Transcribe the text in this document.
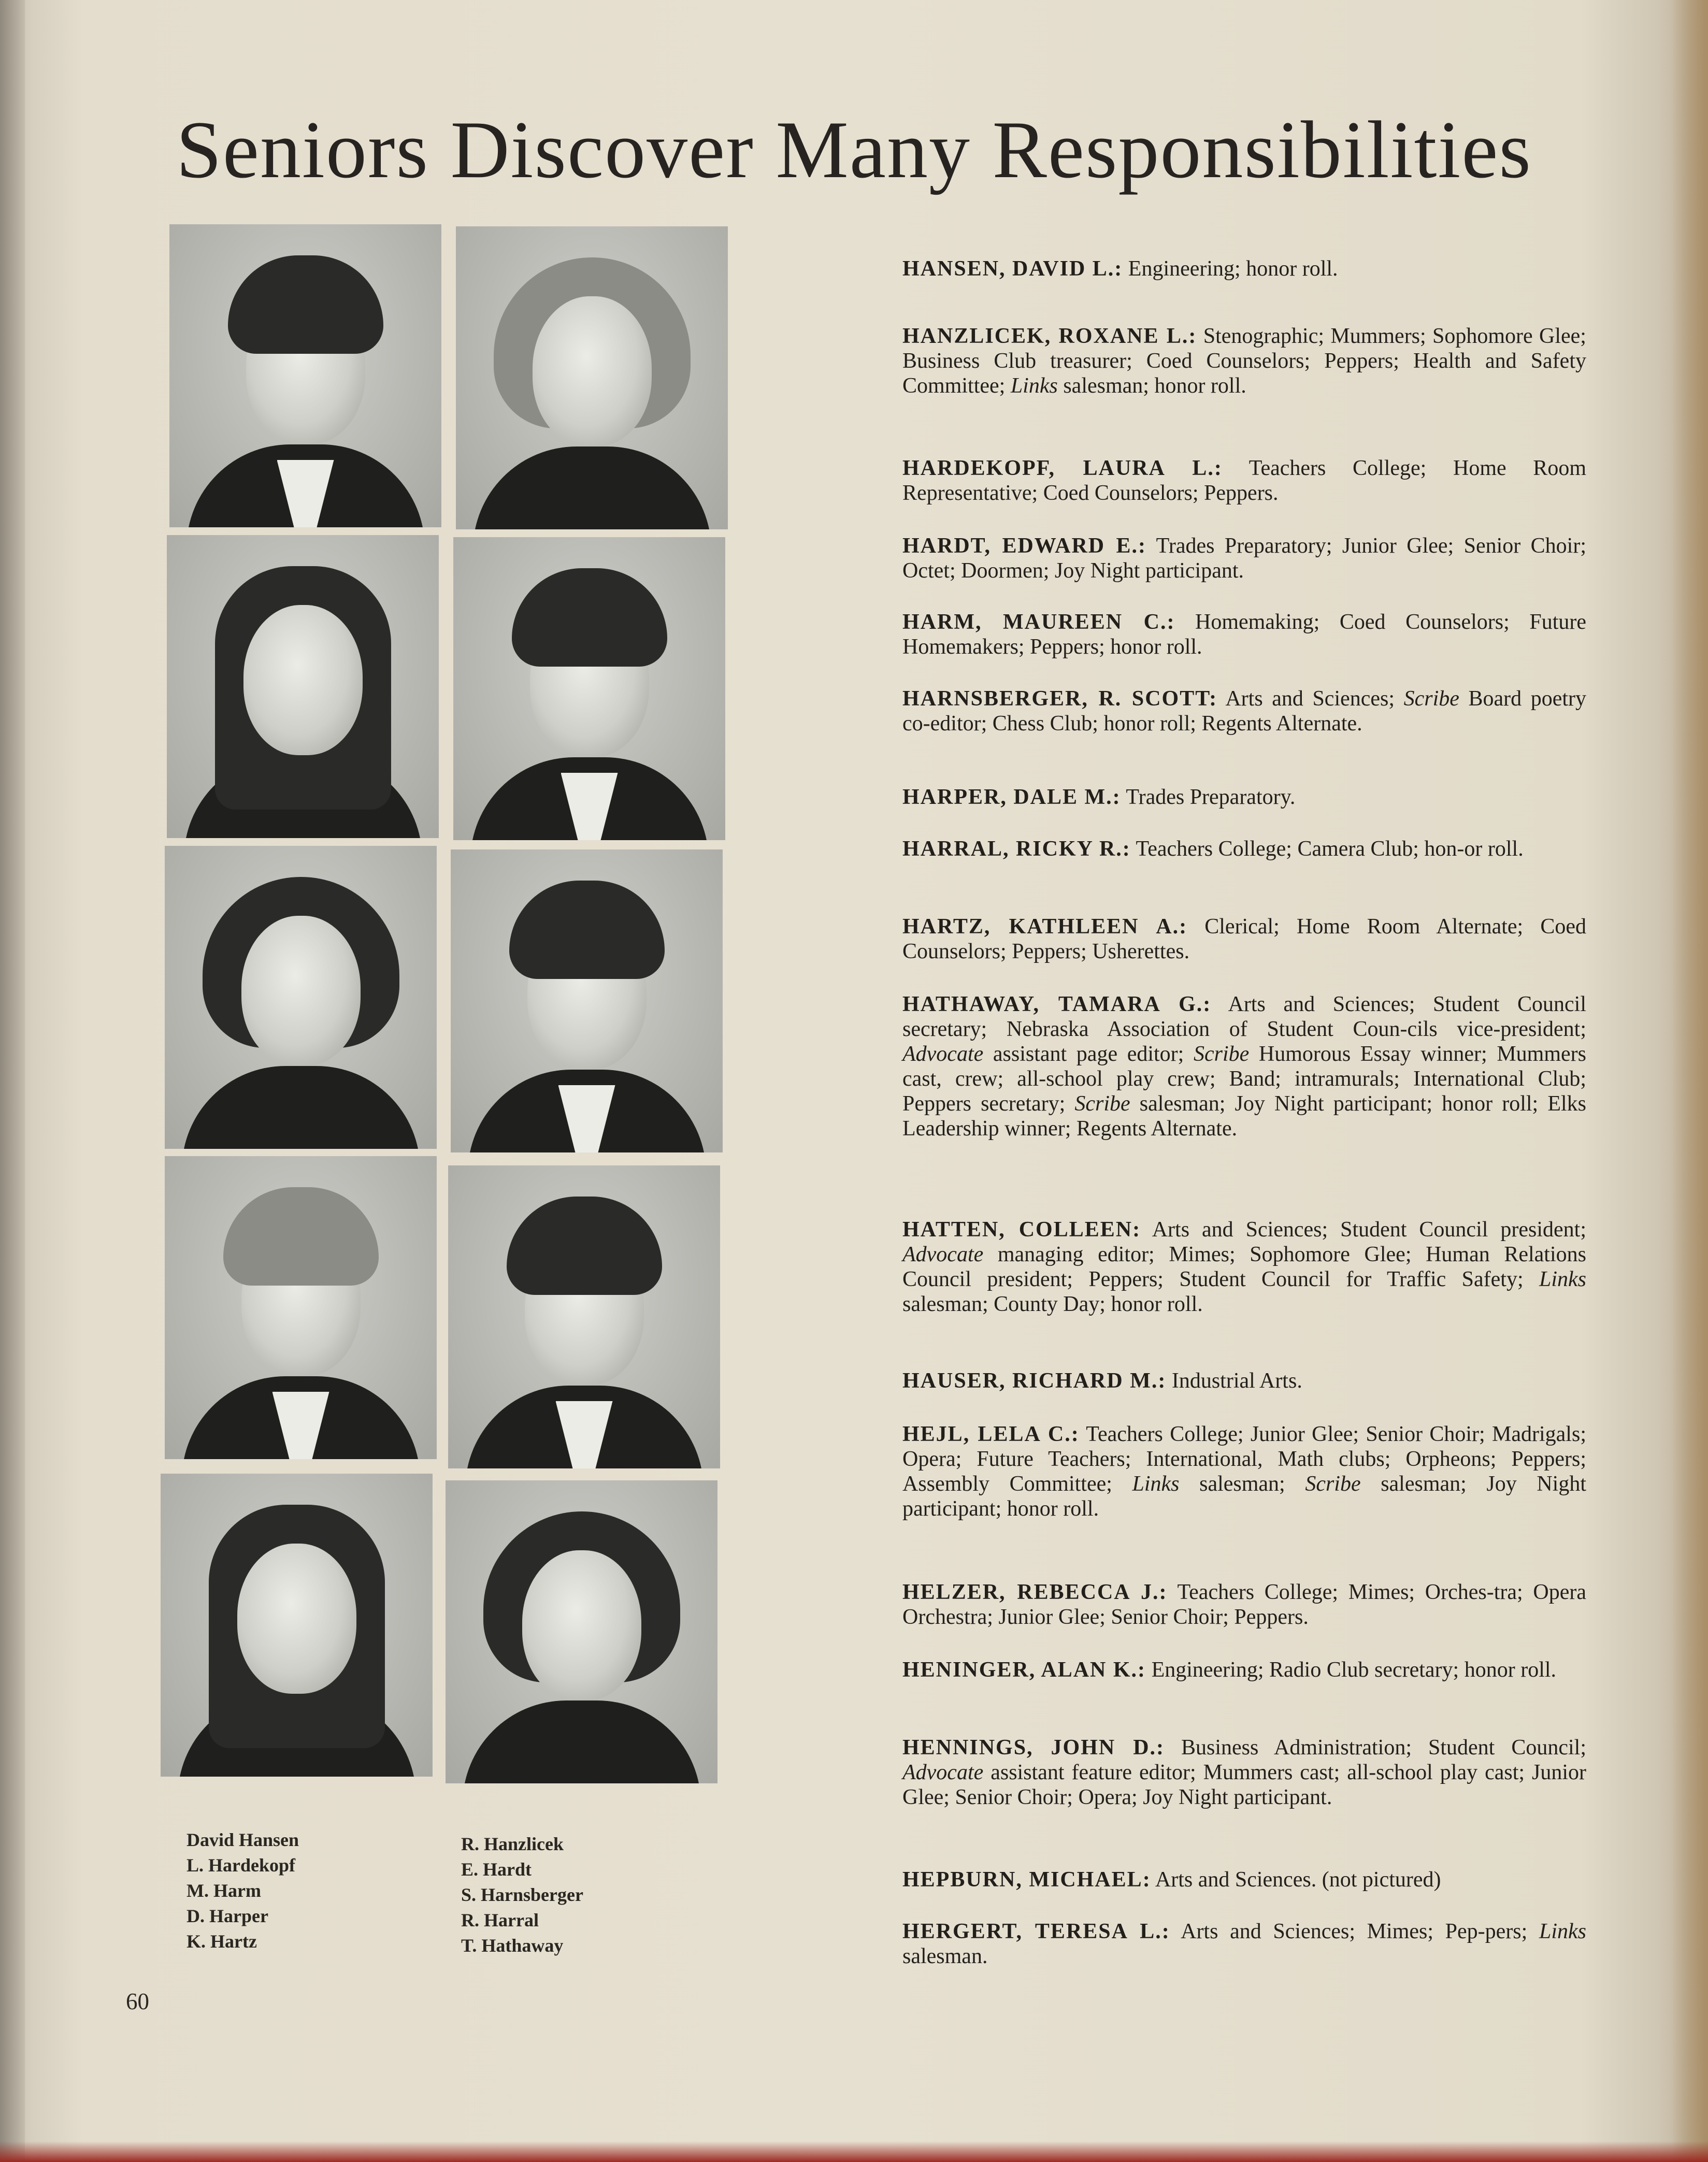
Seniors Discover Many Responsibilities
David Hansen
L. Hardekopf
M. Harm
D. Harper
K. Hartz
R. Hanzlicek
E. Hardt
S. Harnsberger
R. Harral
T. Hathaway
60
HANSEN, DAVID L.: Engineering; honor roll.
HANZLICEK, ROXANE L.: Stenographic; Mummers; Sophomore Glee; Business Club treasurer; Coed Counselors; Peppers; Health and Safety Committee; Links salesman; honor roll.
HARDEKOPF, LAURA L.: Teachers College; Home Room Representative; Coed Counselors; Peppers.
HARDT, EDWARD E.: Trades Preparatory; Junior Glee; Senior Choir; Octet; Doormen; Joy Night participant.
HARM, MAUREEN C.: Homemaking; Coed Counselors; Future Homemakers; Peppers; honor roll.
HARNSBERGER, R. SCOTT: Arts and Sciences; Scribe Board poetry co-editor; Chess Club; honor roll; Regents Alternate.
HARPER, DALE M.: Trades Preparatory.
HARRAL, RICKY R.: Teachers College; Camera Club; hon-or roll.
HARTZ, KATHLEEN A.: Clerical; Home Room Alternate; Coed Counselors; Peppers; Usherettes.
HATHAWAY, TAMARA G.: Arts and Sciences; Student Council secretary; Nebraska Association of Student Coun-cils vice-president; Advocate assistant page editor; Scribe Humorous Essay winner; Mummers cast, crew; all-school play crew; Band; intramurals; International Club; Peppers secretary; Scribe salesman; Joy Night participant; honor roll; Elks Leadership winner; Regents Alternate.
HATTEN, COLLEEN: Arts and Sciences; Student Council president; Advocate managing editor; Mimes; Sophomore Glee; Human Relations Council president; Peppers; Student Council for Traffic Safety; Links salesman; County Day; honor roll.
HAUSER, RICHARD M.: Industrial Arts.
HEJL, LELA C.: Teachers College; Junior Glee; Senior Choir; Madrigals; Opera; Future Teachers; International, Math clubs; Orpheons; Peppers; Assembly Committee; Links salesman; Scribe salesman; Joy Night participant; honor roll.
HELZER, REBECCA J.: Teachers College; Mimes; Orches-tra; Opera Orchestra; Junior Glee; Senior Choir; Peppers.
HENINGER, ALAN K.: Engineering; Radio Club secretary; honor roll.
HENNINGS, JOHN D.: Business Administration; Student Council; Advocate assistant feature editor; Mummers cast; all-school play cast; Junior Glee; Senior Choir; Opera; Joy Night participant.
HEPBURN, MICHAEL: Arts and Sciences. (not pictured)
HERGERT, TERESA L.: Arts and Sciences; Mimes; Pep-pers; Links salesman.
